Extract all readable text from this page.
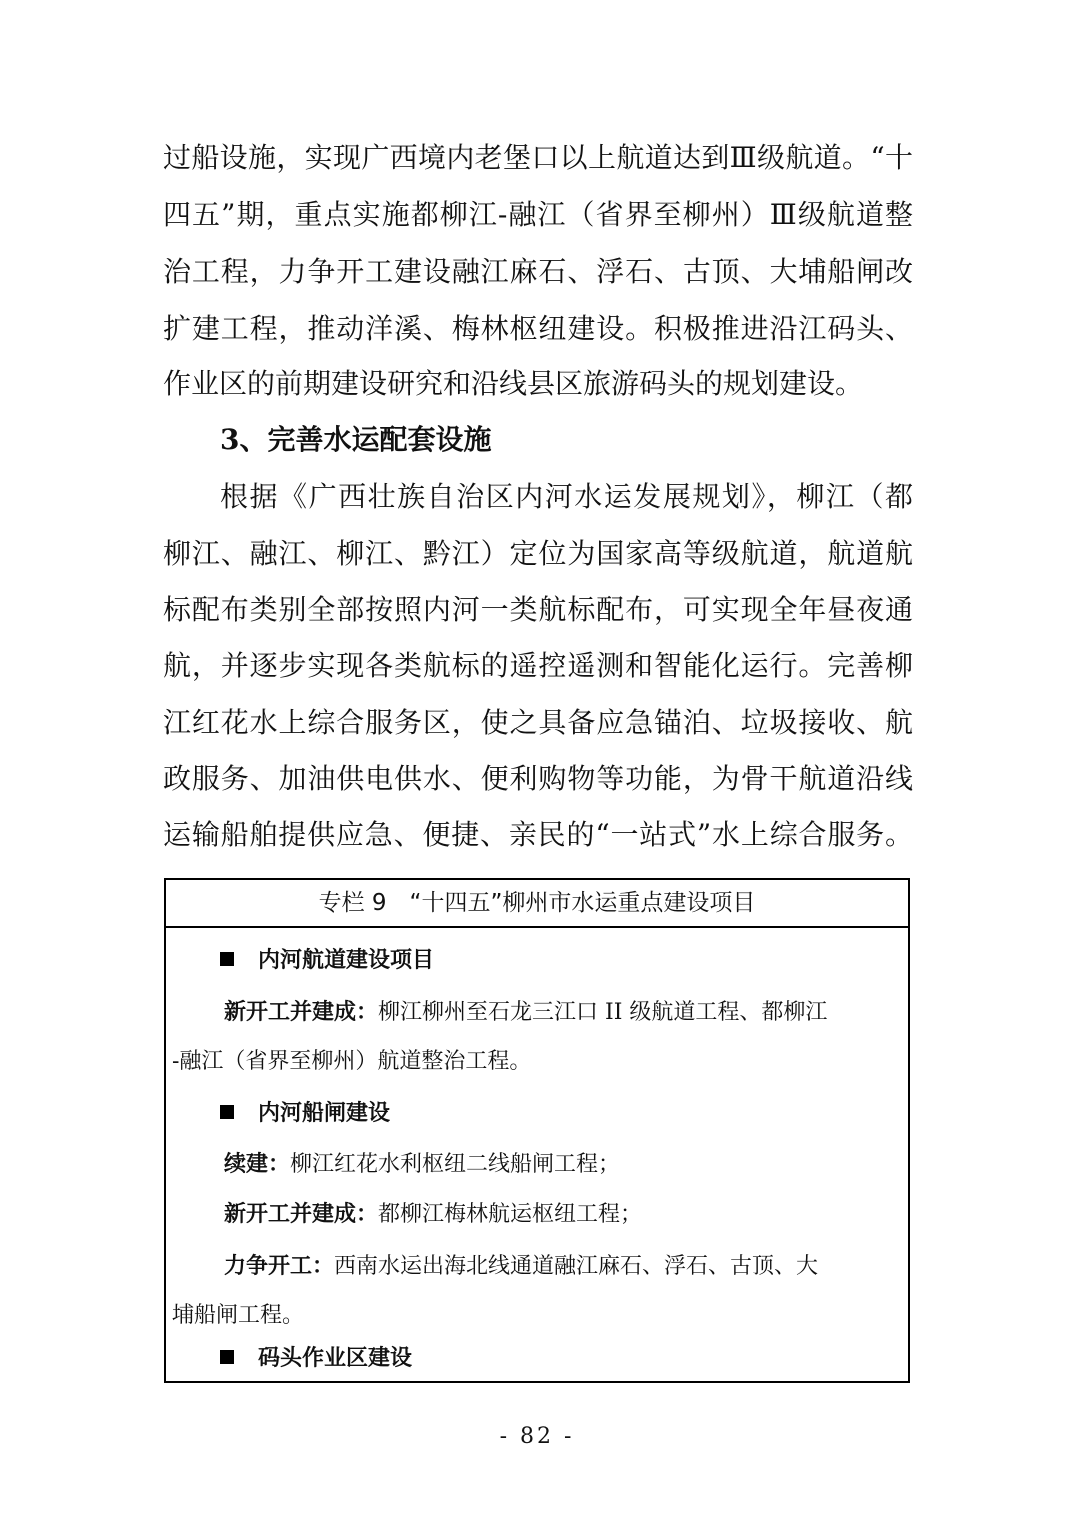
过船设施，实现广西境内老堡口以上航道达到Ⅲ级航道。“十
四五”期，重点实施都柳江-融江（省界至柳州）Ⅲ级航道整
治工程，力争开工建设融江麻石、浮石、古顶、大埔船闸改
扩建工程，推动洋溪、梅林枢纽建设。积极推进沿江码头、
作业区的前期建设研究和沿线县区旅游码头的规划建设。
3、完善水运配套设施
根据《广西壮族自治区内河水运发展规划》，柳江（都
柳江、融江、柳江、黔江）定位为国家高等级航道，航道航
标配布类别全部按照内河一类航标配布，可实现全年昼夜通
航，并逐步实现各类航标的遥控遥测和智能化运行。完善柳
江红花水上综合服务区，使之具备应急锚泊、垃圾接收、航
政服务、加油供电供水、便利购物等功能，为骨干航道沿线
运输船舶提供应急、便捷、亲民的“一站式”水上综合服务。
专栏 9　“十四五”柳州市水运重点建设项目
内河航道建设项目
新开工并建成：柳江柳州至石龙三江口 II 级航道工程、都柳江
-融江（省界至柳州）航道整治工程。
内河船闸建设
续建：柳江红花水利枢纽二线船闸工程；
新开工并建成：都柳江梅林航运枢纽工程；
力争开工：西南水运出海北线通道融江麻石、浮石、古顶、大
埔船闸工程。
码头作业区建设
- 82 -
